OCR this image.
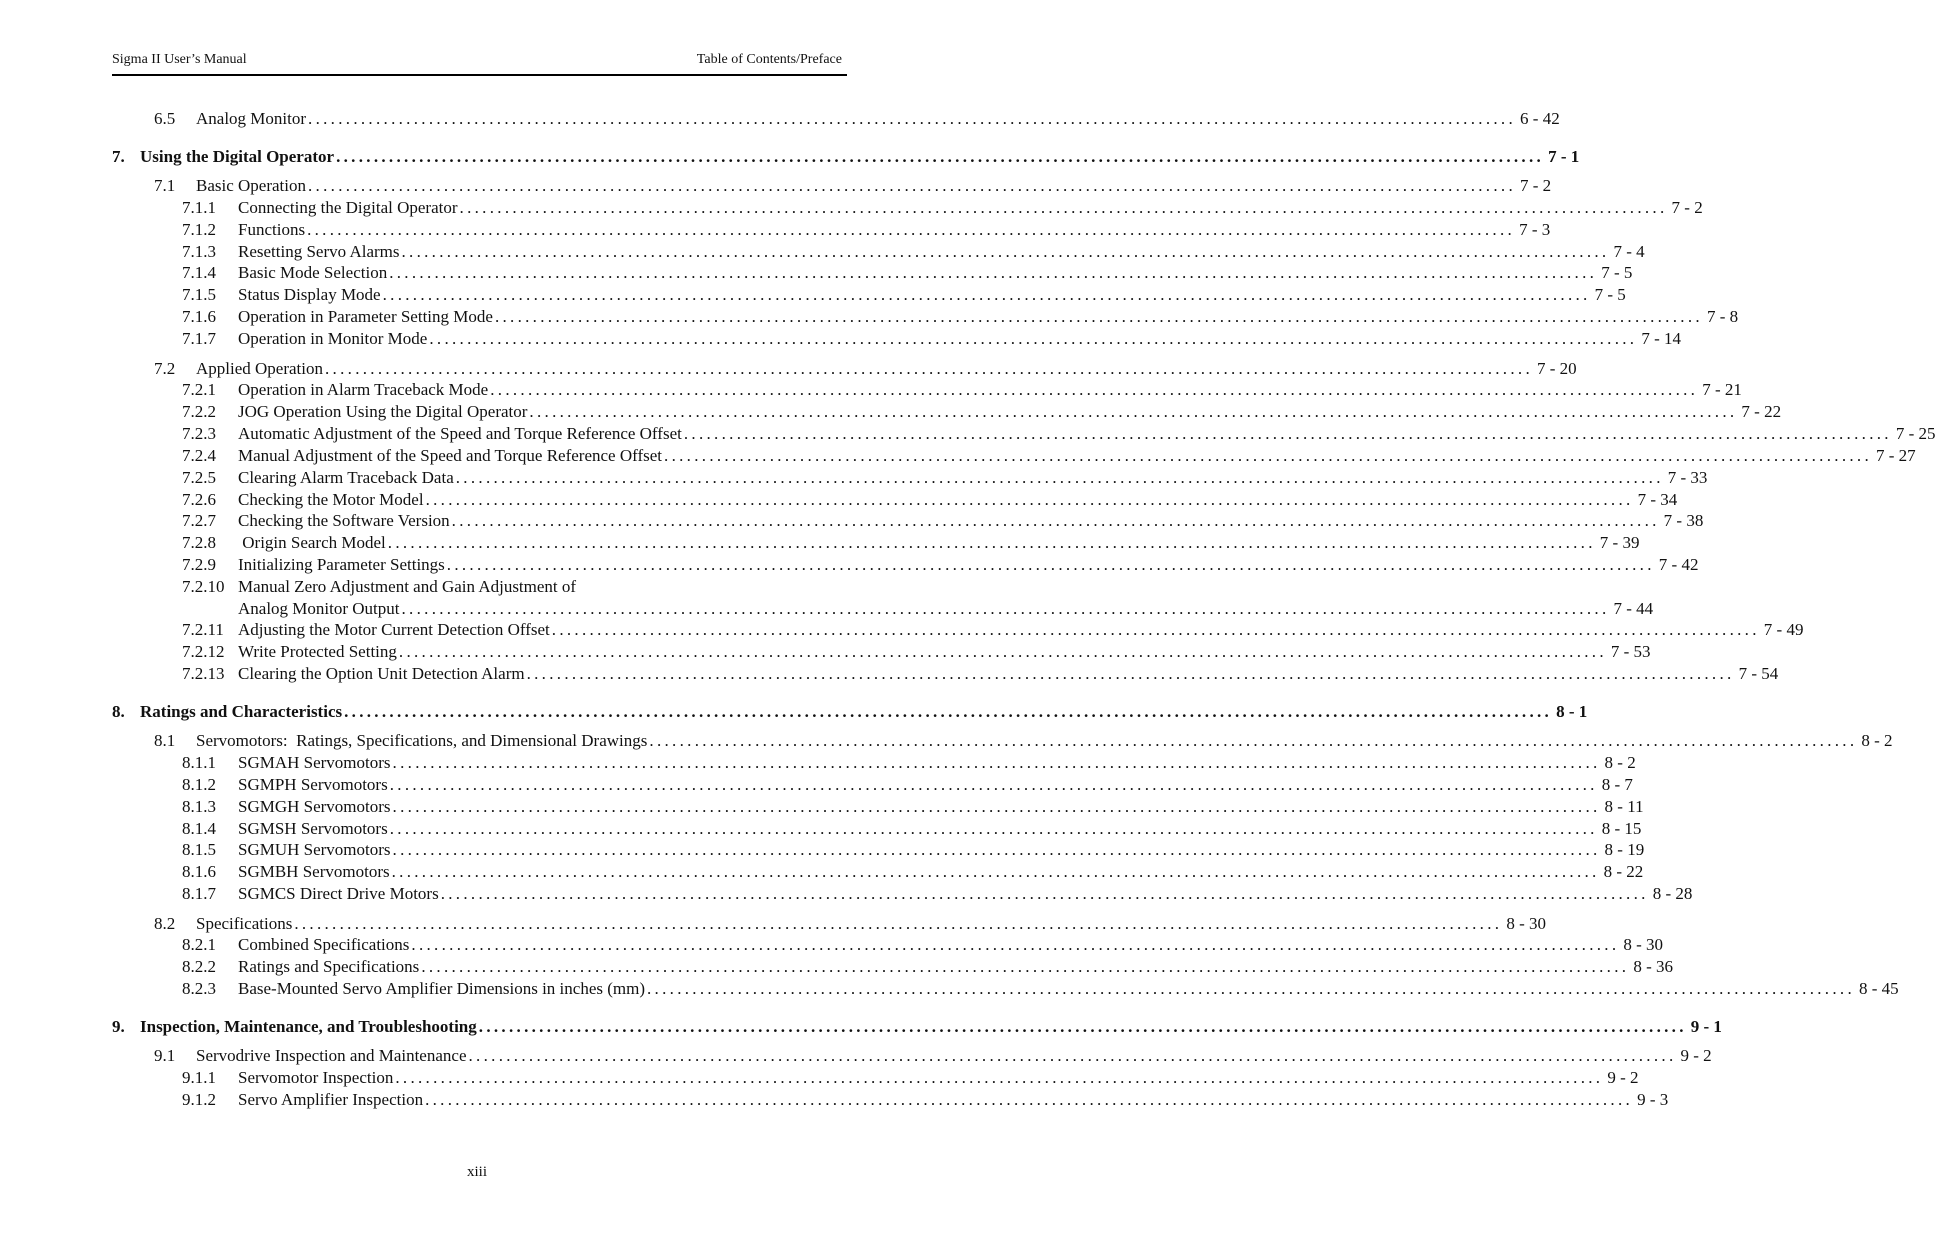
Sigma II User’s Manual	Table of Contents/Preface
6.5 Analog Monitor ................................................................................................................................................................ 6 - 42
7. Using the Digital Operator ................................................................................................................................................................ 7 - 1
7.1 Basic Operation ................................................................................................................................................................ 7 - 2
7.1.1 Connecting the Digital Operator ................................................................................................................................................................ 7 - 2
7.1.2 Functions ................................................................................................................................................................ 7 - 3
7.1.3 Resetting Servo Alarms ................................................................................................................................................................ 7 - 4
7.1.4 Basic Mode Selection ................................................................................................................................................................ 7 - 5
7.1.5 Status Display Mode ................................................................................................................................................................ 7 - 5
7.1.6 Operation in Parameter Setting Mode ................................................................................................................................................................ 7 - 8
7.1.7 Operation in Monitor Mode ................................................................................................................................................................ 7 - 14
7.2 Applied Operation ................................................................................................................................................................ 7 - 20
7.2.1 Operation in Alarm Traceback Mode ................................................................................................................................................................ 7 - 21
7.2.2 JOG Operation Using the Digital Operator ................................................................................................................................................................ 7 - 22
7.2.3 Automatic Adjustment of the Speed and Torque Reference Offset ................................................................................................................................................................ 7 - 25
7.2.4 Manual Adjustment of the Speed and Torque Reference Offset ................................................................................................................................................................ 7 - 27
7.2.5 Clearing Alarm Traceback Data ................................................................................................................................................................ 7 - 33
7.2.6 Checking the Motor Model ................................................................................................................................................................ 7 - 34
7.2.7 Checking the Software Version ................................................................................................................................................................ 7 - 38
7.2.8 Origin Search Model ................................................................................................................................................................ 7 - 39
7.2.9 Initializing Parameter Settings ................................................................................................................................................................ 7 - 42
7.2.10 Manual Zero Adjustment and Gain Adjustment of
Analog Monitor Output ................................................................................................................................................................ 7 - 44
7.2.11 Adjusting the Motor Current Detection Offset ................................................................................................................................................................ 7 - 49
7.2.12 Write Protected Setting ................................................................................................................................................................ 7 - 53
7.2.13 Clearing the Option Unit Detection Alarm ................................................................................................................................................................ 7 - 54
8. Ratings and Characteristics ................................................................................................................................................................ 8 - 1
8.1 Servomotors:  Ratings, Specifications, and Dimensional Drawings ................................................................................................................................................................ 8 - 2
8.1.1 SGMAH Servomotors ................................................................................................................................................................ 8 - 2
8.1.2 SGMPH Servomotors ................................................................................................................................................................ 8 - 7
8.1.3 SGMGH Servomotors ................................................................................................................................................................ 8 - 11
8.1.4 SGMSH Servomotors ................................................................................................................................................................ 8 - 15
8.1.5 SGMUH Servomotors ................................................................................................................................................................ 8 - 19
8.1.6 SGMBH Servomotors ................................................................................................................................................................ 8 - 22
8.1.7 SGMCS Direct Drive Motors ................................................................................................................................................................ 8 - 28
8.2 Specifications ................................................................................................................................................................ 8 - 30
8.2.1 Combined Specifications ................................................................................................................................................................ 8 - 30
8.2.2 Ratings and Specifications ................................................................................................................................................................ 8 - 36
8.2.3 Base-Mounted Servo Amplifier Dimensions in inches (mm) ................................................................................................................................................................ 8 - 45
9. Inspection, Maintenance, and Troubleshooting ................................................................................................................................................................ 9 - 1
9.1 Servodrive Inspection and Maintenance ................................................................................................................................................................ 9 - 2
9.1.1 Servomotor Inspection ................................................................................................................................................................ 9 - 2
9.1.2 Servo Amplifier Inspection ................................................................................................................................................................ 9 - 3
xiii
